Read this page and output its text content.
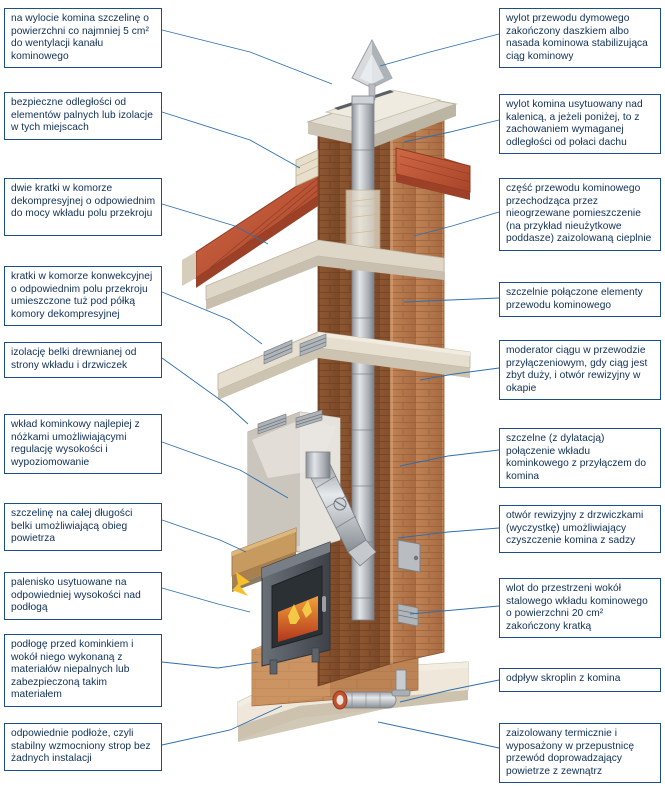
na wylocie komina szczelinę o powierzchni co najmniej 5 cm² do wentylacji kanału kominowego
bezpieczne odległości od elementów palnych lub izolacje w tych miejscach
dwie kratki w komorze dekompresyjnej o odpowiednim do mocy wkładu polu przekroju
kratki w komorze konwekcyjnej o odpowiednim polu przekroju umieszczone tuż pod półką komory dekompresyjnej
izolację belki drewnianej od strony wkładu i drzwiczek
wkład kominkowy najlepiej z nóżkami umożliwiającymi regulację wysokości i wypoziomowanie
szczelinę na całej długości belki umożliwiającą obieg powietrza
palenisko usytuowane na odpowiedniej wysokości nad podłogą
podłogę przed kominkiem i wokół niego wykonaną z materiałów niepalnych lub zabezpieczoną takim materiałem
odpowiednie podłoże, czyli stabilny wzmocniony strop bez żadnych instalacji
wylot przewodu dymowego zakończony daszkiem albo nasada kominowa stabilizująca ciąg kominowy
wylot komina usytuowany nad kalenicą, a jeżeli poniżej, to z zachowaniem wymaganej odległości od połaci dachu
część przewodu kominowego przechodząca przez nieogrzewane pomieszczenie (na przykład nieużytkowe poddasze) zaizolowaną cieplnie
szczelnie połączone elementy przewodu kominowego
moderator ciągu w przewodzie przyłączeniowym, gdy ciąg jest zbyt duży, i otwór rewizyjny w okapie
szczelne (z dylatacją) połączenie wkładu kominkowego z przyłączem do komina
otwór rewizyjny z drzwiczkami (wyczystkę) umożliwiający czyszczenie komina z sadzy
wlot do przestrzeni wokół stalowego wkładu kominowego o powierzchni 20 cm² zakończony kratką
odpływ skroplin z komina
zaizolowany termicznie i wyposażony w przepustnicę przewód doprowadzający powietrze z zewnątrz
